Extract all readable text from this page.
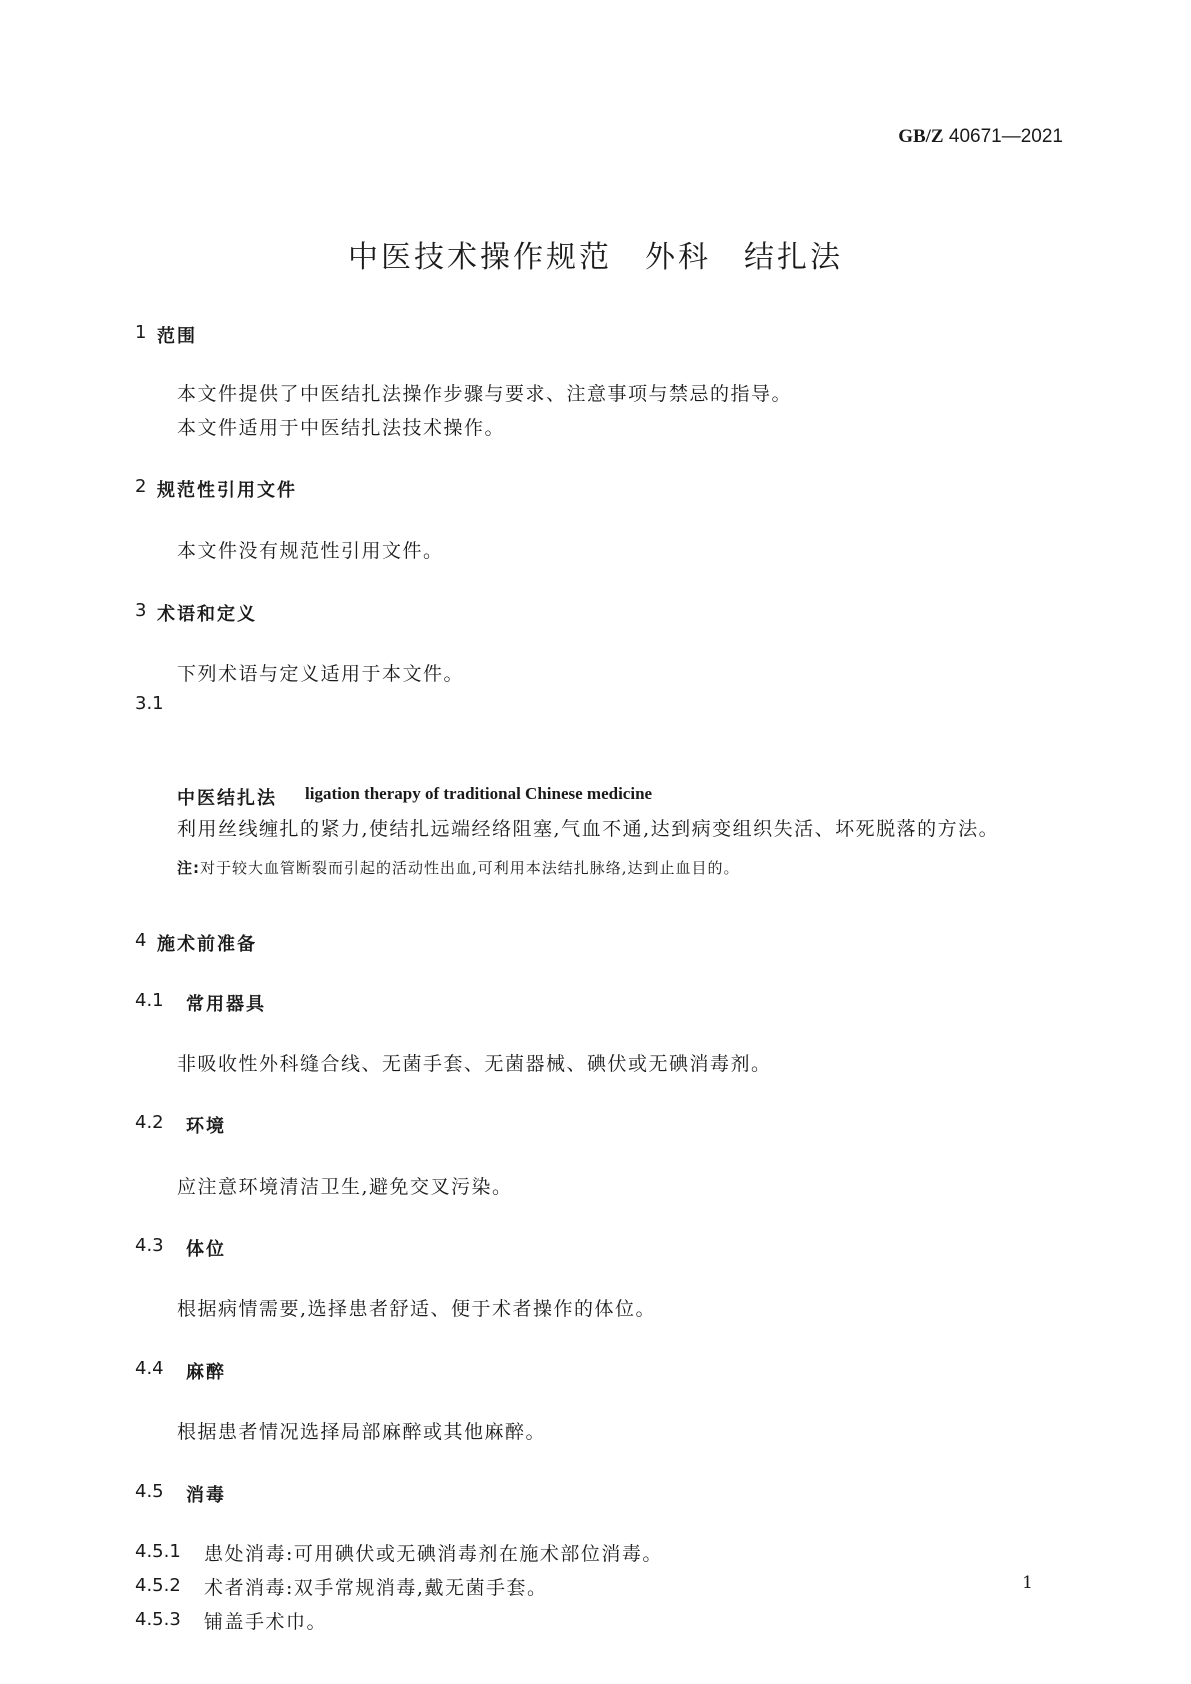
GB/Z 40671—2021
中医技术操作规范　外科　结扎法
1 范围
本文件提供了中医结扎法操作步骤与要求、注意事项与禁忌的指导。
本文件适用于中医结扎法技术操作。
2 规范性引用文件
本文件没有规范性引用文件。
3 术语和定义
下列术语与定义适用于本文件。
3.1
中医结扎法 ligation therapy of traditional Chinese medicine
利用丝线缠扎的紧力,使结扎远端经络阻塞,气血不通,达到病变组织失活、坏死脱落的方法。
注:对于较大血管断裂而引起的活动性出血,可利用本法结扎脉络,达到止血目的。
4 施术前准备
4.1 常用器具
非吸收性外科缝合线、无菌手套、无菌器械、碘伏或无碘消毒剂。
4.2 环境
应注意环境清洁卫生,避免交叉污染。
4.3 体位
根据病情需要,选择患者舒适、便于术者操作的体位。
4.4 麻醉
根据患者情况选择局部麻醉或其他麻醉。
4.5 消毒
4.5.1 患处消毒:可用碘伏或无碘消毒剂在施术部位消毒。
4.5.2 术者消毒:双手常规消毒,戴无菌手套。
4.5.3 铺盖手术巾。
1
